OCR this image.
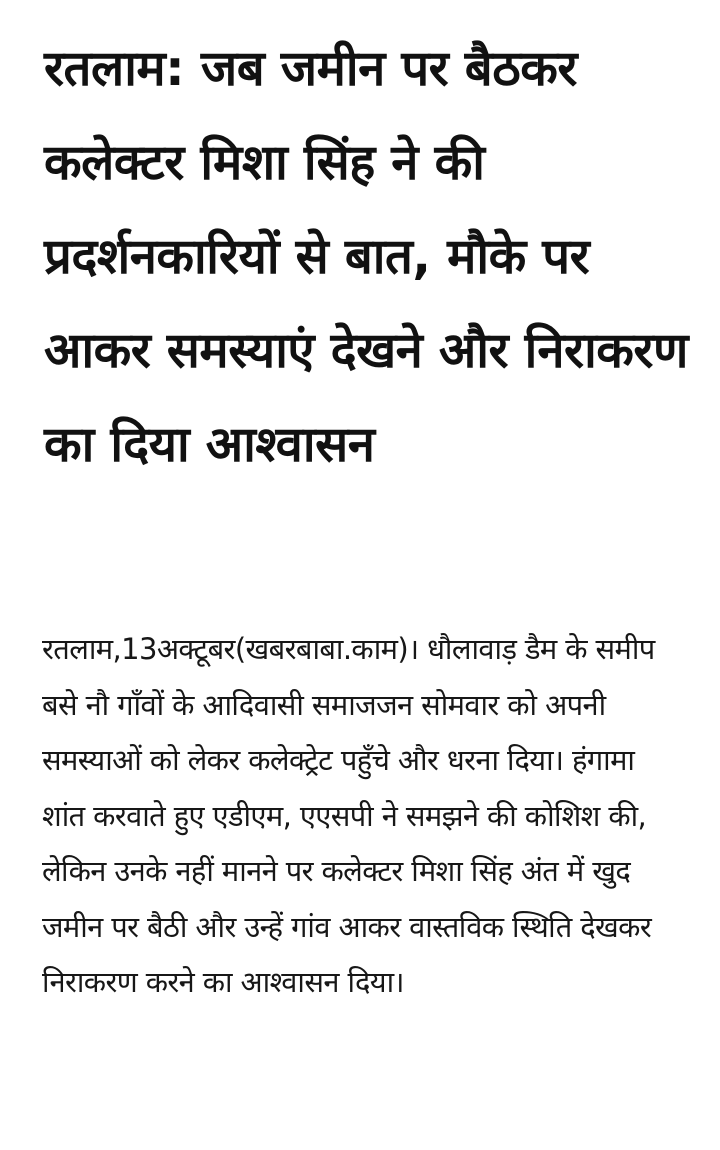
रतलाम: जब जमीन पर बैठकर कलेक्टर मिशा सिंह ने की प्रदर्शनकारियों से बात, मौके पर आकर समस्याएं देखने और निराकरण का दिया आश्वासन

रतलाम,13अक्टूबर(खबरबाबा.काम)। धौलावाड़ डैम के समीप बसे नौ गाँवों के आदिवासी समाजजन सोमवार को अपनी समस्याओं को लेकर कलेक्ट्रेट पहुँचे और धरना दिया। हंगामा शांत करवाते हुए एडीएम, एएसपी ने समझने की कोशिश की, लेकिन उनके नहीं मानने पर कलेक्टर मिशा सिंह अंत में खुद जमीन पर बैठी और उन्हें गांव आकर वास्तविक स्थिति देखकर निराकरण करने का आश्वासन दिया।
